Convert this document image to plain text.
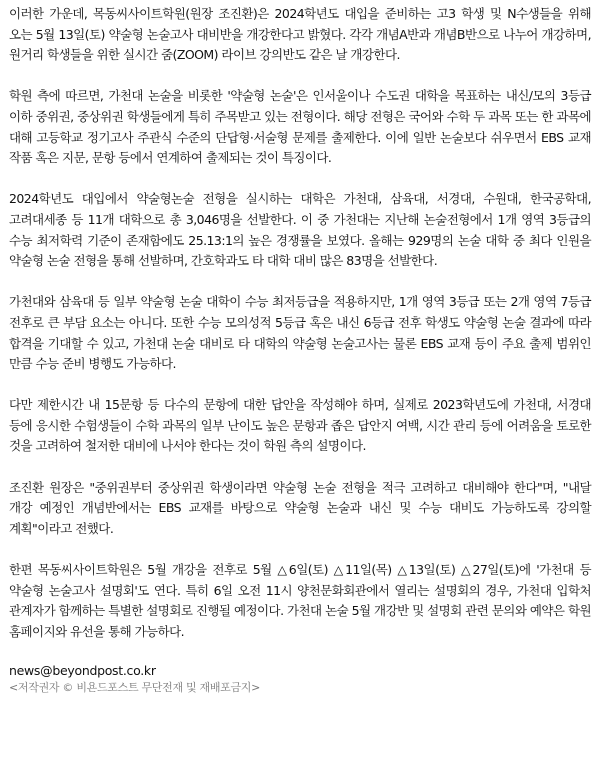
이러한 가운데, 목동씨사이트학원(원장 조진환)은 2024학년도 대입을 준비하는 고3 학생 및 N수생들을 위해 오는 5월 13일(토) 약술형 논술고사 대비반을 개강한다고 밝혔다. 각각 개념A반과 개념B반으로 나누어 개강하며, 원거리 학생들을 위한 실시간 줌(ZOOM) 라이브 강의반도 같은 날 개강한다.

학원 측에 따르면, 가천대 논술을 비롯한 '약술형 논술'은 인서울이나 수도권 대학을 목표하는 내신/모의 3등급 이하 중위권, 중상위권 학생들에게 특히 주목받고 있는 전형이다. 해당 전형은 국어와 수학 두 과목 또는 한 과목에 대해 고등학교 정기고사 주관식 수준의 단답형·서술형 문제를 출제한다. 이에 일반 논술보다 쉬우면서 EBS 교재 작품 혹은 지문, 문항 등에서 연계하여 출제되는 것이 특징이다.

2024학년도 대입에서 약술형논술 전형을 실시하는 대학은 가천대, 삼육대, 서경대, 수원대, 한국공학대, 고려대세종 등 11개 대학으로 총 3,046명을 선발한다. 이 중 가천대는 지난해 논술전형에서 1개 영역 3등급의 수능 최저학력 기준이 존재함에도 25.13:1의 높은 경쟁률을 보였다. 올해는 929명의 논술 대학 중 최다 인원을 약술형 논술 전형을 통해 선발하며, 간호학과도 타 대학 대비 많은 83명을 선발한다.

가천대와 삼육대 등 일부 약술형 논술 대학이 수능 최저등급을 적용하지만, 1개 영역 3등급 또는 2개 영역 7등급 전후로 큰 부담 요소는 아니다. 또한 수능 모의성적 5등급 혹은 내신 6등급 전후 학생도 약술형 논술 결과에 따라 합격을 기대할 수 있고, 가천대 논술 대비로 타 대학의 약술형 논술고사는 물론 EBS 교재 등이 주요 출제 범위인 만큼 수능 준비 병행도 가능하다.

다만 제한시간 내 15문항 등 다수의 문항에 대한 답안을 작성해야 하며, 실제로 2023학년도에 가천대, 서경대 등에 응시한 수험생들이 수학 과목의 일부 난이도 높은 문항과 좁은 답안지 여백, 시간 관리 등에 어려움을 토로한 것을 고려하여 철저한 대비에 나서야 한다는 것이 학원 측의 설명이다.

조진환 원장은 "중위권부터 중상위권 학생이라면 약술형 논술 전형을 적극 고려하고 대비해야 한다"며, "내달 개강 예정인 개념반에서는 EBS 교재를 바탕으로 약술형 논술과 내신 및 수능 대비도 가능하도록 강의할 계획"이라고 전했다.

한편 목동씨사이트학원은 5월 개강을 전후로 5월 △6일(토) △11일(목) △13일(토) △27일(토)에 '가천대 등 약술형 논술고사 설명회'도 연다. 특히 6일 오전 11시 양천문화회관에서 열리는 설명회의 경우, 가천대 입학처 관계자가 함께하는 특별한 설명회로 진행될 예정이다. 가천대 논술 5월 개강반 및 설명회 관련 문의와 예약은 학원 홈페이지와 유선을 통해 가능하다.

news@beyondpost.co.kr

<저작권자 © 비욘드포스트 무단전재 및 재배포금지>
